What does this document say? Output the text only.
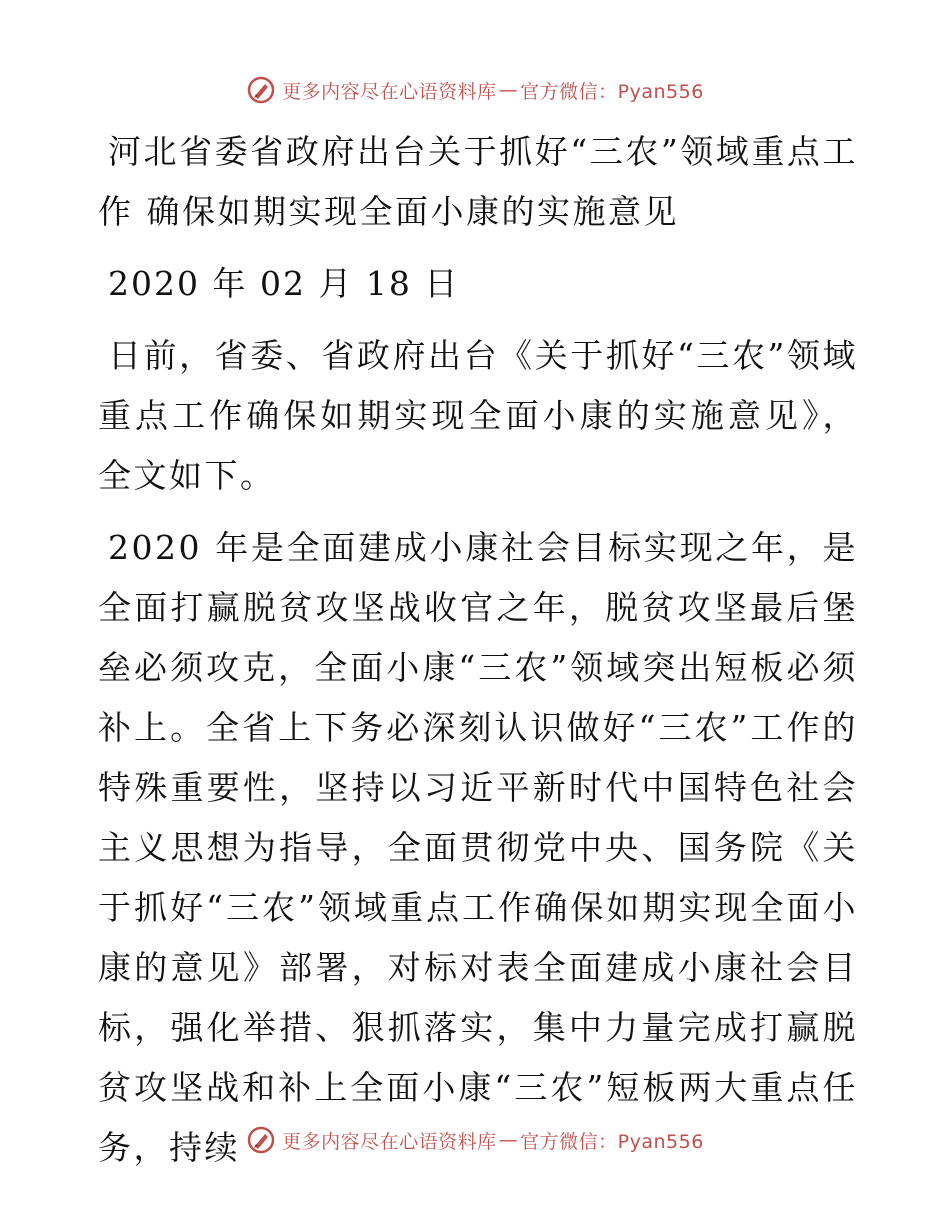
更多内容尽在心语资料库 — 官方微信：Pyan556

河北省委省政府出台关于抓好“三农”领域重点工作 确保如期实现全面小康的实施意见

2020 年 02 月 18 日

日前，省委、省政府出台《关于抓好“三农”领域重点工作确保如期实现全面小康的实施意见》，全文如下。

2020 年是全面建成小康社会目标实现之年，是全面打赢脱贫攻坚战收官之年，脱贫攻坚最后堡垒必须攻克，全面小康“三农”领域突出短板必须补上。全省上下务必深刻认识做好“三农”工作的特殊重要性，坚持以习近平新时代中国特色社会主义思想为指导，全面贯彻党中央、国务院《关于抓好“三农”领域重点工作确保如期实现全面小康的意见》部署，对标对表全面建成小康社会目标，强化举措、狠抓落实，集中力量完成打赢脱贫攻坚战和补上全面小康“三农”短板两大重点任务，持续	更多内容尽在心语资料库 — 官方微信：Pyan556
